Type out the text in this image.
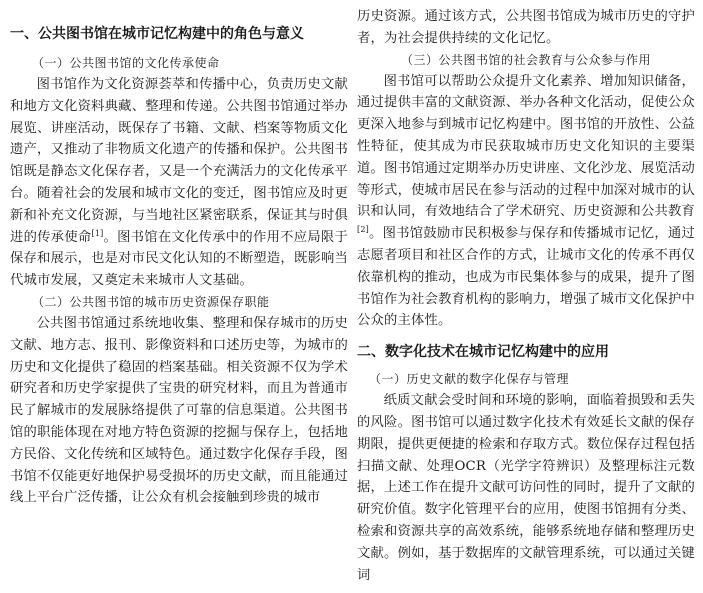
一、公共图书馆在城市记忆构建中的角色与意义
（一）公共图书馆的文化传承使命

图书馆作为文化资源荟萃和传播中心，负责历史文献和地方文化资料典藏、整理和传递。公共图书馆通过举办展览、讲座活动，既保存了书籍、文献、档案等物质文化遗产，又推动了非物质文化遗产的传播和保护。公共图书馆既是静态文化保存者，又是一个充满活力的文化传承平台。随着社会的发展和城市文化的变迁，图书馆应及时更新和补充文化资源，与当地社区紧密联系，保证其与时俱进的传承使命[1]。图书馆在文化传承中的作用不应局限于保存和展示，也是对市民文化认知的不断塑造，既影响当代城市发展，又奠定未来城市人文基础。

（二）公共图书馆的城市历史资源保存职能

公共图书馆通过系统地收集、整理和保存城市的历史文献、地方志、报刊、影像资料和口述历史等，为城市的历史和文化提供了稳固的档案基础。相关资源不仅为学术研究者和历史学家提供了宝贵的研究材料，而且为普通市民了解城市的发展脉络提供了可靠的信息渠道。公共图书馆的职能体现在对地方特色资源的挖掘与保存上，包括地方民俗、文化传统和区域特色。通过数字化保存手段，图书馆不仅能更好地保护易受损坏的历史文献，而且能通过线上平台广泛传播，让公众有机会接触到珍贵的城市

历史资源。通过该方式，公共图书馆成为城市历史的守护者，为社会提供持续的文化记忆。

（三）公共图书馆的社会教育与公众参与作用

图书馆可以帮助公众提升文化素养、增加知识储备，通过提供丰富的文献资源、举办各种文化活动，促使公众更深入地参与到城市记忆构建中。图书馆的开放性、公益性特征，使其成为市民获取城市历史文化知识的主要渠道。图书馆通过定期举办历史讲座、文化沙龙、展览活动等形式，使城市居民在参与活动的过程中加深对城市的认识和认同，有效地结合了学术研究、历史资源和公共教育[2]。图书馆鼓励市民积极参与保存和传播城市记忆，通过志愿者项目和社区合作的方式，让城市文化的传承不再仅依靠机构的推动，也成为市民集体参与的成果，提升了图书馆作为社会教育机构的影响力，增强了城市文化保护中公众的主体性。

二、数字化技术在城市记忆构建中的应用
（一）历史文献的数字化保存与管理

纸质文献会受时间和环境的影响，面临着损毁和丢失的风险。图书馆可以通过数字化技术有效延长文献的保存期限，提供更便捷的检索和存取方式。数位保存过程包括扫描文献、处理OCR（光学字符辨识）及整理标注元数据，上述工作在提升文献可访问性的同时，提升了文献的研究价值。数字化管理平台的应用，使图书馆拥有分类、检索和资源共享的高效系统，能够系统地存储和整理历史文献。例如，基于数据库的文献管理系统，可以通过关键词
